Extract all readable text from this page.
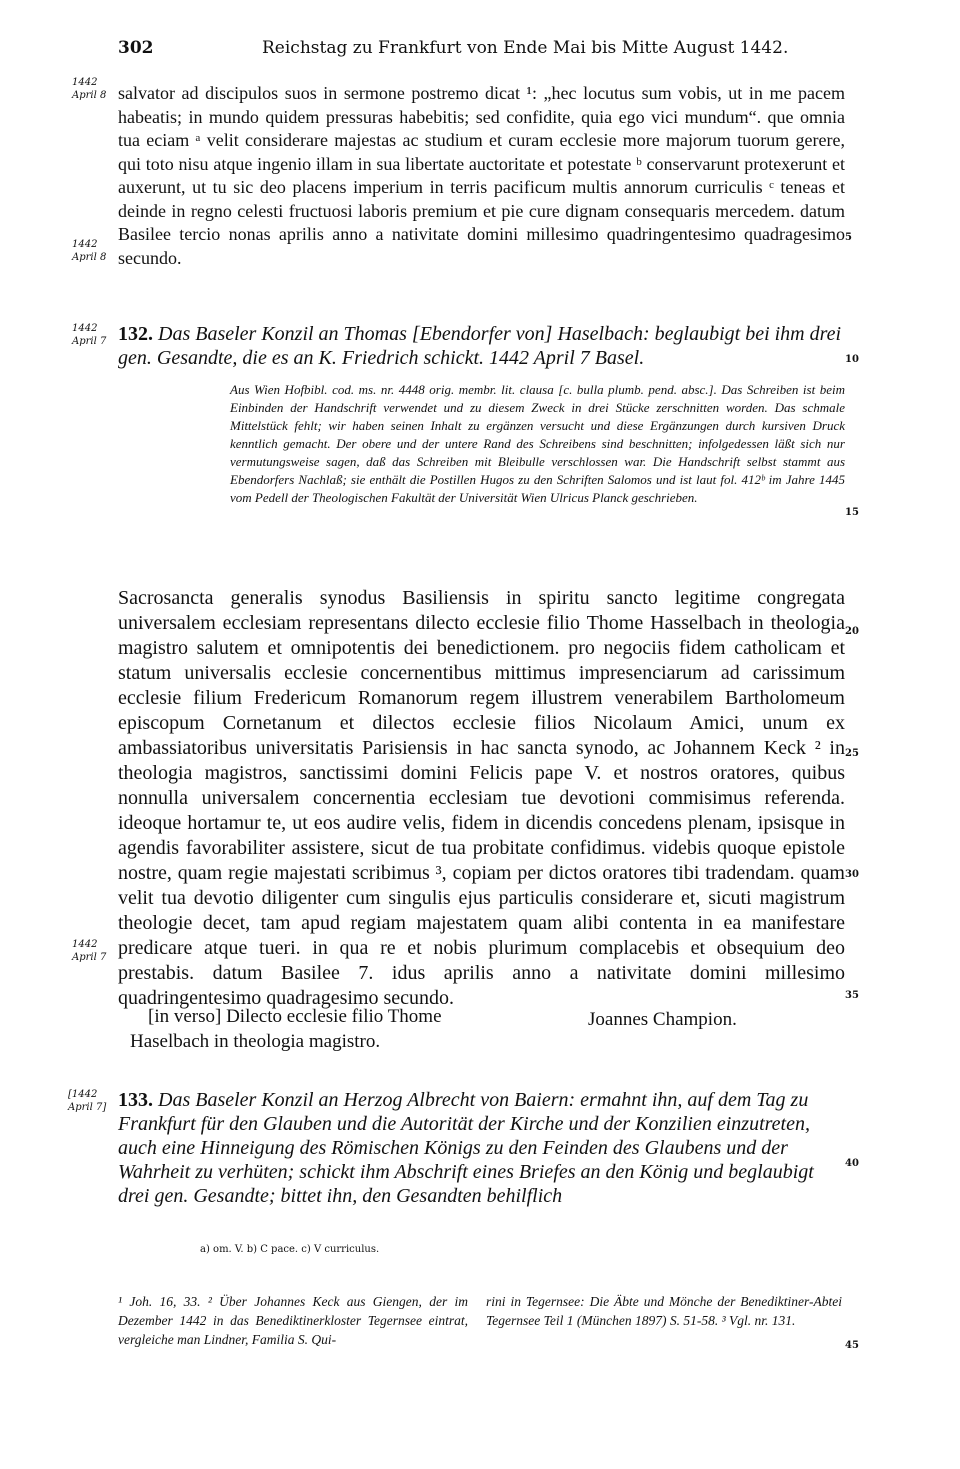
302	Reichstag zu Frankfurt von Ende Mai bis Mitte August 1442.
1442
April 8
1442
April 8
1442
April 7
1442
April 7
[1442
April 7]
5
10
15
20
25
30
35
40
45

salvator ad discipulos suos in sermone postremo dicat ¹: „hec locutus sum vobis, ut in me pacem habeatis; in mundo quidem pressuras habebitis; sed confidite, quia ego vici mundum“. que omnia tua eciam ᵃ velit considerare majestas ac studium et curam ecclesie more majorum tuorum gerere, qui toto nisu atque ingenio illam in sua libertate auctoritate et potestate ᵇ conservarunt protexerunt et auxerunt, ut tu sic deo placens imperium in terris pacificum multis annorum curriculis ᶜ teneas et deinde in regno celesti fructuosi laboris premium et pie cure dignam consequaris mercedem. datum Basilee tercio nonas aprilis anno a nativitate domini millesimo quadringentesimo quadragesimo secundo.

132. Das Baseler Konzil an Thomas [Ebendorfer von] Haselbach: beglaubigt bei ihm drei gen. Gesandte, die es an K. Friedrich schickt. 1442 April 7 Basel.

Aus Wien Hofbibl. cod. ms. nr. 4448 orig. membr. lit. clausa [c. bulla plumb. pend. absc.]. Das Schreiben ist beim Einbinden der Handschrift verwendet und zu diesem Zweck in drei Stücke zerschnitten worden. Das schmale Mittelstück fehlt; wir haben seinen Inhalt zu ergänzen versucht und diese Ergänzungen durch kursiven Druck kenntlich gemacht. Der obere und der untere Rand des Schreibens sind beschnitten; infolgedessen läßt sich nur vermutungsweise sagen, daß das Schreiben mit Bleibulle verschlossen war. Die Handschrift selbst stammt aus Ebendorfers Nachlaß; sie enthält die Postillen Hugos zu den Schriften Salomos und ist laut fol. 412ᵇ im Jahre 1445 vom Pedell der Theologischen Fakultät der Universität Wien Ulricus Planck geschrieben.

Sacrosancta generalis synodus Basiliensis in spiritu sancto legitime congregata universalem ecclesiam representans dilecto ecclesie filio Thome Hasselbach in theologia magistro salutem et omnipotentis dei benedictionem. pro negociis fidem catholicam et statum universalis ecclesie concernentibus mittimus impresenciarum ad carissimum ecclesie filium Fredericum Romanorum regem illustrem venerabilem Bartholomeum episcopum Cornetanum et dilectos ecclesie filios Nicolaum Amici, unum ex ambassiatoribus universitatis Parisiensis in hac sancta synodo, ac Johannem Keck ² in theologia magistros, sanctissimi domini Felicis pape V. et nostros oratores, quibus nonnulla universalem concernentia ecclesiam tue devotioni commisimus referenda. ideoque hortamur te, ut eos audire velis, fidem in dicendis concedens plenam, ipsisque in agendis favorabiliter assistere, sicut de tua probitate confidimus. videbis quoque epistole nostre, quam regie majestati scribimus ³, copiam per dictos oratores tibi tradendam. quam velit tua devotio diligenter cum singulis ejus particulis considerare et, sicuti magistrum theologie decet, tam apud regiam majestatem quam alibi contenta in ea manifestare predicare atque tueri. in qua re et nobis plurimum complacebis et obsequium deo prestabis. datum Basilee 7. idus aprilis anno a nativitate domini millesimo quadringentesimo quadragesimo secundo.

[in verso] Dilecto ecclesie filio Thome
Haselbach in theologia magistro.
Joannes Champion.
133. Das Baseler Konzil an Herzog Albrecht von Baiern: ermahnt ihn, auf dem Tag zu Frankfurt für den Glauben und die Autorität der Kirche und der Konzilien einzutreten, auch eine Hinneigung des Römischen Königs zu den Feinden des Glaubens und der Wahrheit zu verhüten; schickt ihm Abschrift eines Briefes an den König und beglaubigt drei gen. Gesandte; bittet ihn, den Gesandten behilflich
a) om. V. b) C pace. c) V curriculus.

¹ Joh. 16, 33. ² Über Johannes Keck aus Giengen, der im Dezember 1442 in das Benediktinerkloster Tegernsee eintrat, vergleiche man Lindner, Familia S. Qui-

rini in Tegernsee: Die Äbte und Mönche der Benediktiner-Abtei Tegernsee Teil 1 (München 1897) S. 51-58. ³ Vgl. nr. 131.
